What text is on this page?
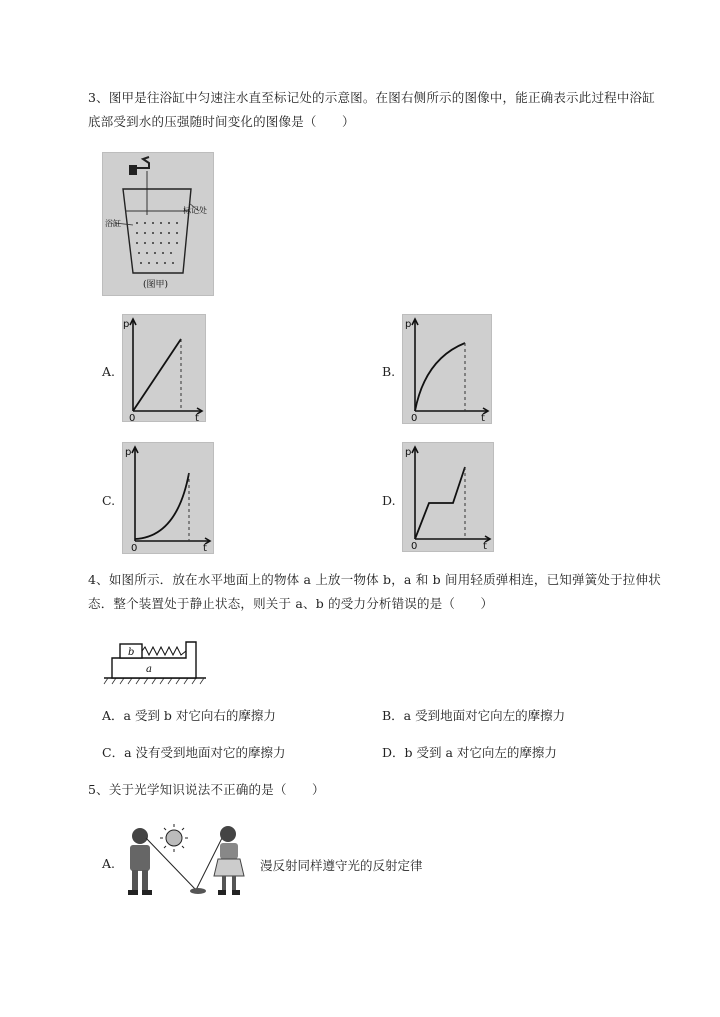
3、图甲是往浴缸中匀速注水直至标记处的示意图。在图右侧所示的图像中，能正确表示此过程中浴缸
底部受到水的压强随时间变化的图像是（　　）
浴缸
标记处
(图甲)
A.
p
t
0
B.
p
t
0
C.
p
t
0
D.
p
t
0
4、如图所示．放在水平地面上的物体 a 上放一物体 b，a 和 b 间用轻质弹相连，已知弹簧处于拉伸状
态．整个装置处于静止状态，则关于 a、b 的受力分析错误的是（　　）
b
a
A．a 受到 b 对它向右的摩擦力	B．a 受到地面对它向左的摩擦力
C．a 没有受到地面对它的摩擦力	D．b 受到 a 对它向左的摩擦力
5、关于光学知识说法不正确的是（　　）
A.	漫反射同样遵守光的反射定律
